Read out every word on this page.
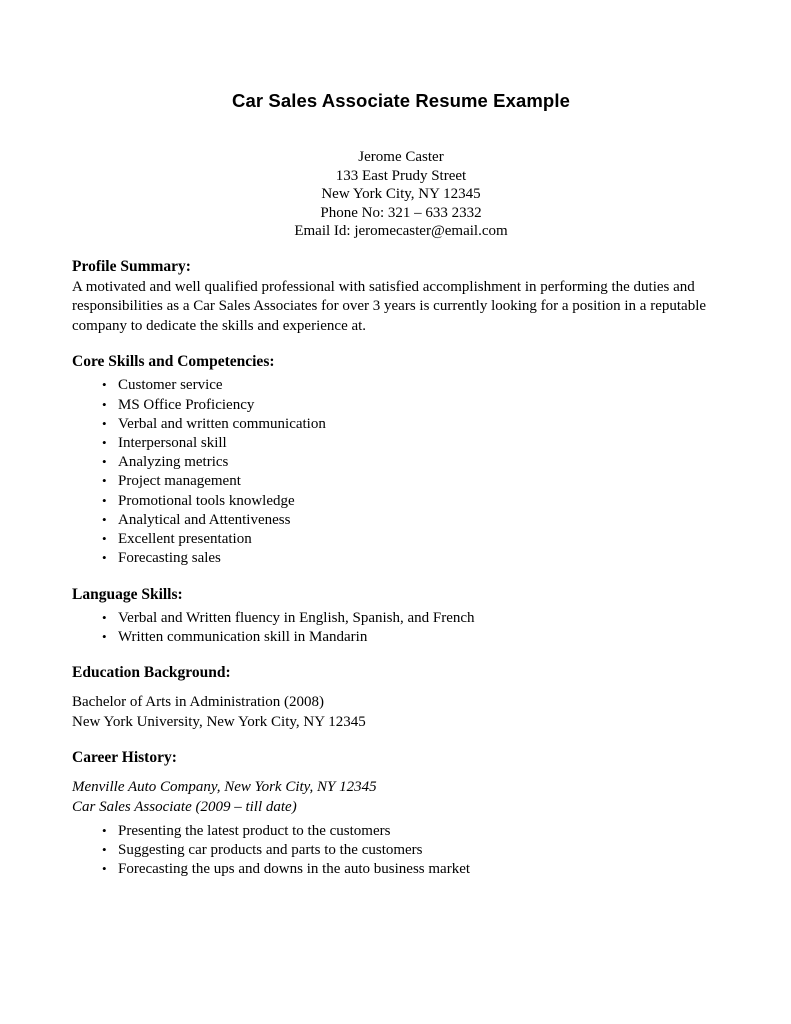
Car Sales Associate Resume Example
Jerome Caster
133 East Prudy Street
New York City, NY 12345
Phone No: 321 – 633 2332
Email Id: jeromecaster@email.com
Profile Summary:

A motivated and well qualified professional with satisfied accomplishment in performing the duties and responsibilities as a Car Sales Associates for over 3 years is currently looking for a position in a reputable company to dedicate the skills and experience at.

Core Skills and Competencies:
• Customer service
• MS Office Proficiency
• Verbal and written communication
• Interpersonal skill
• Analyzing metrics
• Project management
• Promotional tools knowledge
• Analytical and Attentiveness
• Excellent presentation
• Forecasting sales
Language Skills:
• Verbal and Written fluency in English, Spanish, and French
• Written communication skill in Mandarin
Education Background:
Bachelor of Arts in Administration (2008)
New York University, New York City, NY 12345
Career History:
Menville Auto Company, New York City, NY 12345
Car Sales Associate (2009 – till date)
• Presenting the latest product to the customers
• Suggesting car products and parts to the customers
• Forecasting the ups and downs in the auto business market
